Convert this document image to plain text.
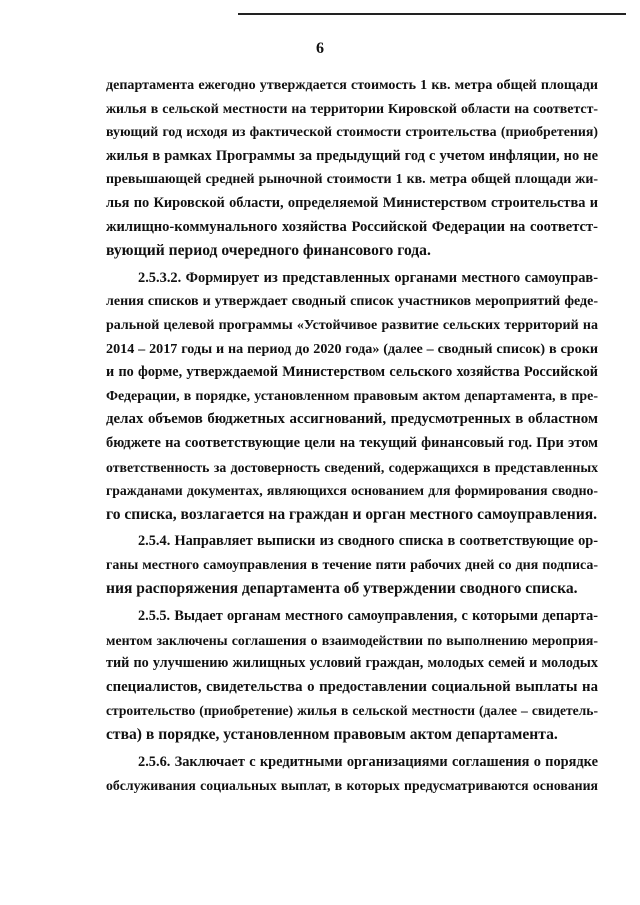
6
департамента ежегодно утверждается стоимость 1 кв. метра общей площади
жилья в сельской местности на территории Кировской области на соответст-
вующий год исходя из фактической стоимости строительства (приобретения)
жилья в рамках Программы за предыдущий год с учетом инфляции, но не
превышающей средней рыночной стоимости 1 кв. метра общей площади жи-
лья по Кировской области, определяемой Министерством строительства и
жилищно-коммунального хозяйства Российской Федерации на соответст-
вующий период очередного финансового года.
2.5.3.2. Формирует из представленных органами местного самоуправ-
ления списков и утверждает сводный список участников мероприятий феде-
ральной целевой программы «Устойчивое развитие сельских территорий на
2014 – 2017 годы и на период до 2020 года» (далее – сводный список) в сроки
и по форме, утверждаемой Министерством сельского хозяйства Российской
Федерации, в порядке, установленном правовым актом департамента, в пре-
делах объемов бюджетных ассигнований, предусмотренных в областном
бюджете на соответствующие цели на текущий финансовый год. При этом
ответственность за достоверность сведений, содержащихся в представленных
гражданами документах, являющихся основанием для формирования сводно-
го списка, возлагается на граждан и орган местного самоуправления.
2.5.4. Направляет выписки из сводного списка в соответствующие ор-
ганы местного самоуправления в течение пяти рабочих дней со дня подписа-
ния распоряжения департамента об утверждении сводного списка.
2.5.5. Выдает органам местного самоуправления, с которыми департа-
ментом заключены соглашения о взаимодействии по выполнению мероприя-
тий по улучшению жилищных условий граждан, молодых семей и молодых
специалистов, свидетельства о предоставлении социальной выплаты на
строительство (приобретение) жилья в сельской местности (далее – свидетель-
ства) в порядке, установленном правовым актом департамента.
2.5.6. Заключает с кредитными организациями соглашения о порядке
обслуживания социальных выплат, в которых предусматриваются основания
